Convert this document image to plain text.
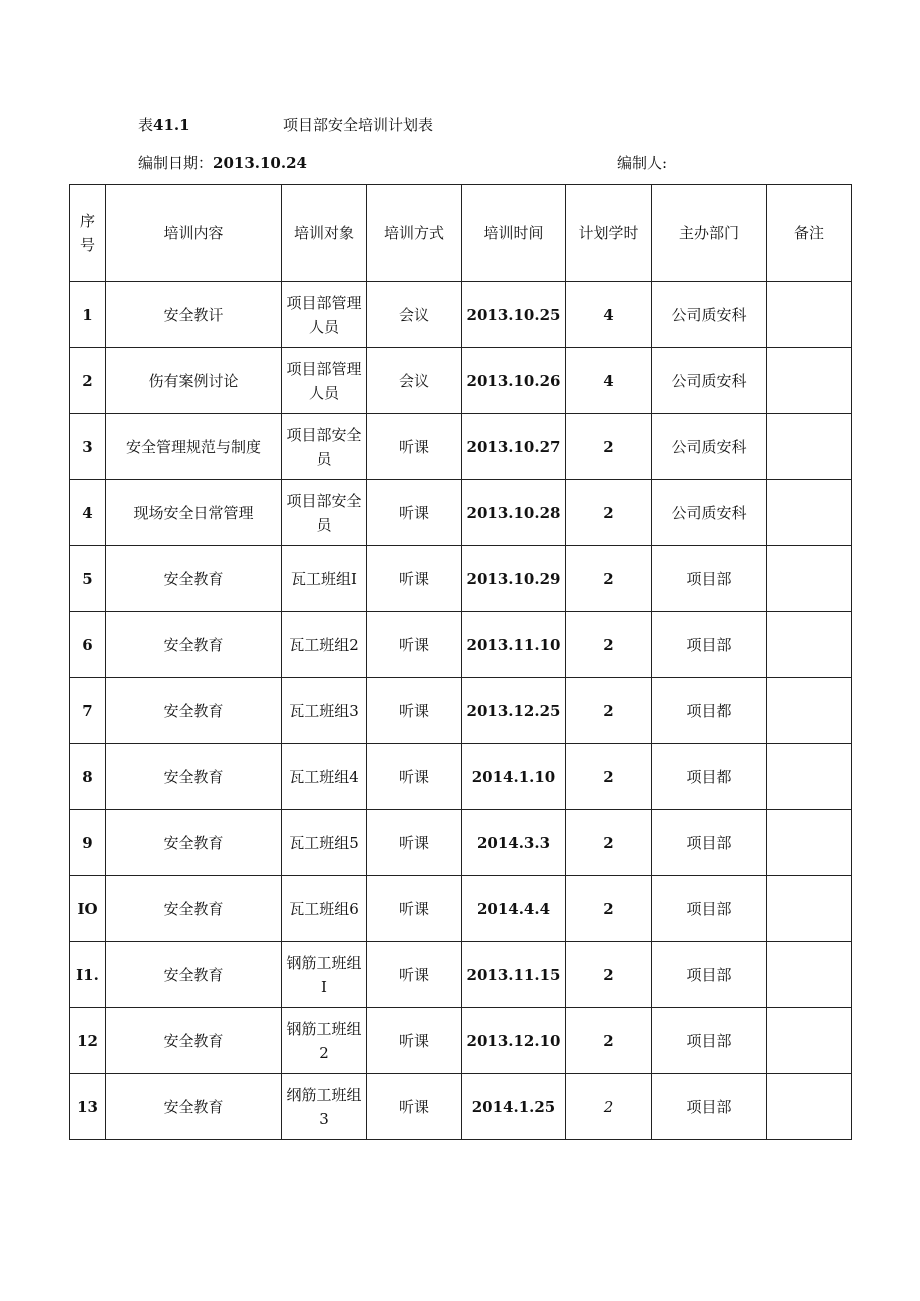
表41.1	项目部安全培训计划表
编制日期：2013.10.24	编制人:
序号	培训内容	培训对象	培训方式	培训时间	计划学时	主办部门	备注
1	安全教讦	项目部管理人员	会议	2013.10.25	4	公司质安科	
2	伤有案例讨论	项目部管理人员	会议	2013.10.26	4	公司质安科	
3	安全管理规范与制度	项目部安全员	听课	2013.10.27	2	公司质安科	
4	现场安全日常管理	项目部安全员	听课	2013.10.28	2	公司质安科	
5	安全教育	瓦工班组I	听课	2013.10.29	2	项目部	
6	安全教育	瓦工班组2	听课	2013.11.10	2	项目部	
7	安全教育	瓦工班组3	听课	2013.12.25	2	项目都	
8	安全教育	瓦工班组4	听课	2014.1.10	2	项目都	
9	安全教育	瓦工班组5	听课	2014.3.3	2	项目部	
IO	安全教育	瓦工班组6	听课	2014.4.4	2	项目部	
I1.	安全教育	钢筋工班组I	听课	2013.11.15	2	项目部	
12	安全教育	钢筋工班组2	听课	2013.12.10	2	项目部	
13	安全教育	纲筋工班组3	听课	2014.1.25	2	项目部	
